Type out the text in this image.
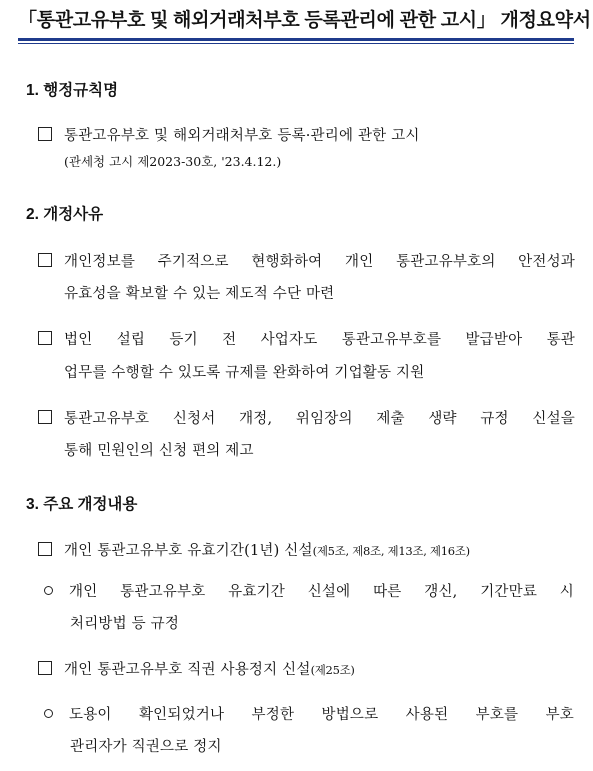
「통관고유부호 및 해외거래처부호 등록관리에 관한 고시」 개정요약서
1. 행정규칙명
통관고유부호 및 해외거래처부호 등록·관리에 관한 고시
(관세청 고시 제2023-30호, '23.4.12.)
2. 개정사유
개인정보를 주기적으로 현행화하여 개인 통관고유부호의 안전성과
유효성을 확보할 수 있는 제도적 수단 마련
법인 설립 등기 전 사업자도 통관고유부호를 발급받아 통관
업무를 수행할 수 있도록 규제를 완화하여 기업활동 지원
통관고유부호 신청서 개정, 위임장의 제출 생략 규정 신설을
통해 민원인의 신청 편의 제고
3. 주요 개정내용
개인 통관고유부호 유효기간(1년) 신설(제5조, 제8조, 제13조, 제16조)
개인 통관고유부호 유효기간 신설에 따른 갱신, 기간만료 시
처리방법 등 규정
개인 통관고유부호 직권 사용정지 신설(제25조)
도용이 확인되었거나 부정한 방법으로 사용된 부호를 부호
관리자가 직권으로 정지
